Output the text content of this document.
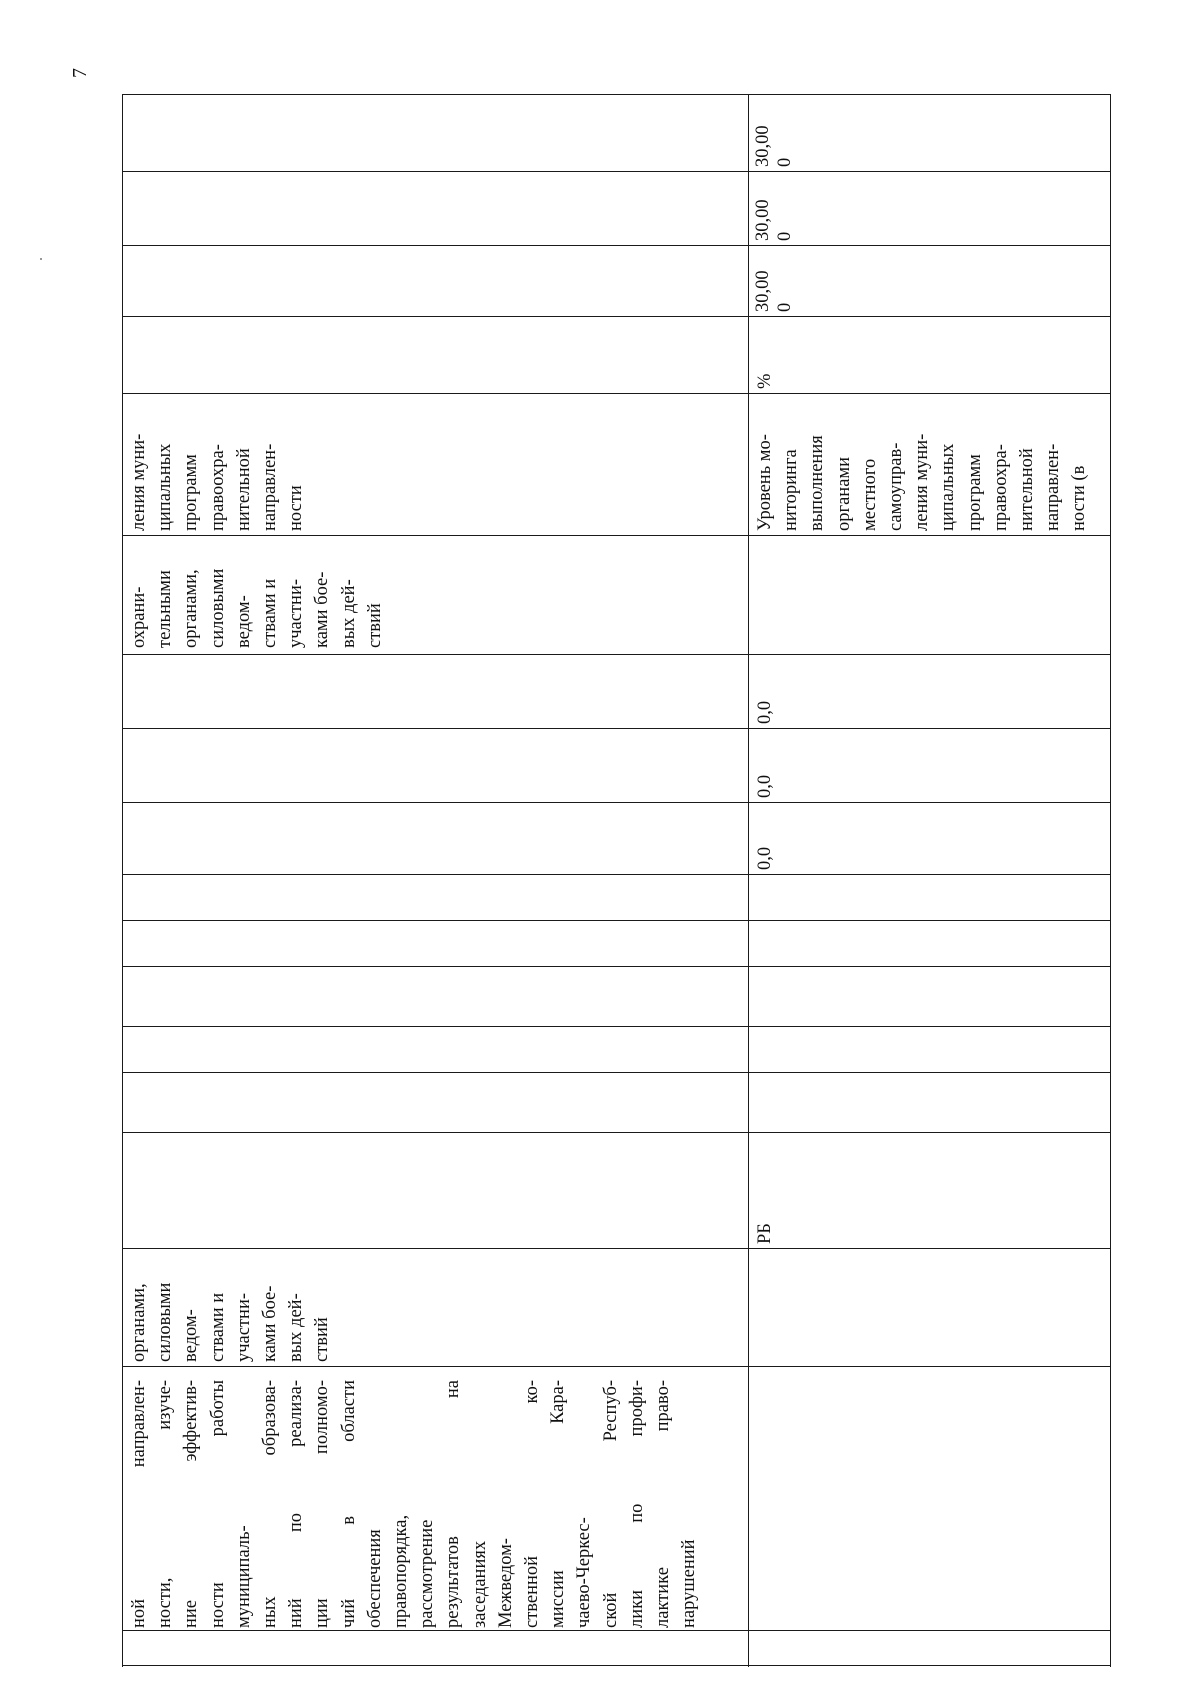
7
ной направлен-
ности, изуче-
ние эффектив-
ности работы
муниципаль-
ных образова-
ний по реализа-
ции полномо-
чий в области
обеспечения
правопорядка,
рассмотрение
результатов на
заседаниях
Межведом-
ственной ко-
миссии Кара-
чаево-Черкес-
ской Респуб-
лики по профи-
лактике право-
нарушений
органами,
силовыми
ведом-
ствами и
участни-
ками бое-
вых дей-
ствий
РБ
0,0
0,0
0,0
охрани-
тельными
органами,
силовыми
ведом-
ствами и
участни-
ками бое-
вых дей-
ствий
ления муни-
ципальных
программ
правоохра-
нительной
направлен-
ности	Уровень мо-
ниторинга
выполнения
органами
местного
самоуправ-
ления муни-
ципальных
программ
правоохра-
нительной
направлен-
ности (в
%
30,00
0
30,00
0
30,00
0
